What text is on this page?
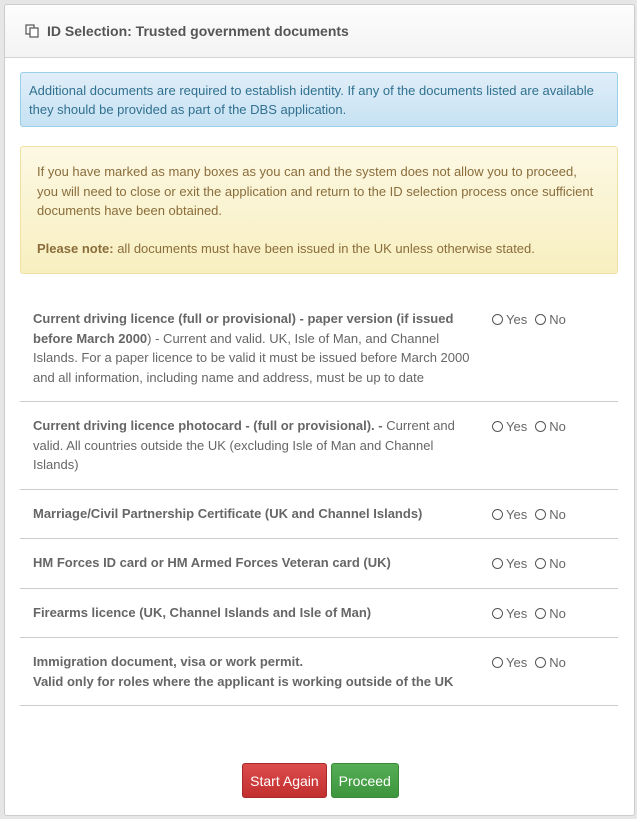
ID Selection: Trusted government documents
Additional documents are required to establish identity. If any of the documents listed are available they should be provided as part of the DBS application.

If you have marked as many boxes as you can and the system does not allow you to proceed, you will need to close or exit the application and return to the ID selection process once sufficient documents have been obtained.

Please note: all documents must have been issued in the UK unless otherwise stated.

Current driving licence (full or provisional) - paper version (if issued before March 2000) - Current and valid. UK, Isle of Man, and Channel Islands. For a paper licence to be valid it must be issued before March 2000 and all information, including name and address, must be up to date
Yes No
Current driving licence photocard - (full or provisional). - Current and valid. All countries outside the UK (excluding Isle of Man and Channel Islands)
Yes No
Marriage/Civil Partnership Certificate (UK and Channel Islands)	Yes No
HM Forces ID card or HM Armed Forces Veteran card (UK)	Yes No
Firearms licence (UK, Channel Islands and Isle of Man)	Yes No
Immigration document, visa or work permit.
Valid only for roles where the applicant is working outside of the UK
Yes No
Start Again	Proceed
